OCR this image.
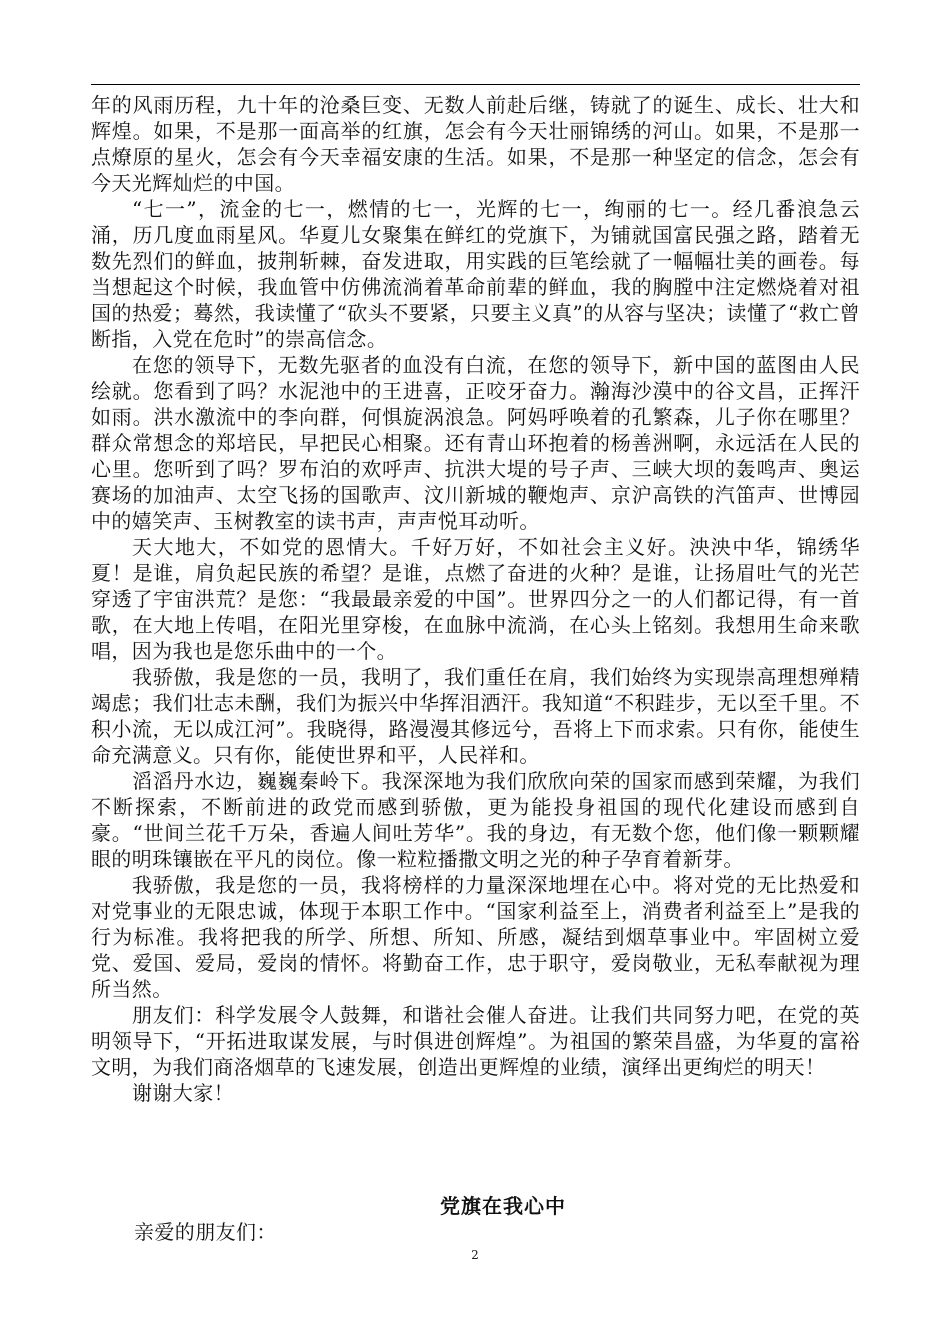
年的风雨历程，九十年的沧桑巨变、无数人前赴后继，铸就了的诞生、成长、壮大和辉煌。如果，不是那一面高举的红旗，怎会有今天壮丽锦绣的河山。如果，不是那一点燎原的星火，怎会有今天幸福安康的生活。如果，不是那一种坚定的信念，怎会有今天光辉灿烂的中国。

“七一”，流金的七一，燃情的七一，光辉的七一，绚丽的七一。经几番浪急云涌，历几度血雨星风。华夏儿女聚集在鲜红的党旗下，为铺就国富民强之路，踏着无数先烈们的鲜血，披荆斩棘，奋发进取，用实践的巨笔绘就了一幅幅壮美的画卷。每当想起这个时候，我血管中仿佛流淌着革命前辈的鲜血，我的胸膛中注定燃烧着对祖国的热爱；蓦然，我读懂了“砍头不要紧，只要主义真”的从容与坚决；读懂了“救亡曾断指，入党在危时”的崇高信念。

在您的领导下，无数先驱者的血没有白流，在您的领导下，新中国的蓝图由人民绘就。您看到了吗？水泥池中的王进喜，正咬牙奋力。瀚海沙漠中的谷文昌，正挥汗如雨。洪水激流中的李向群，何惧旋涡浪急。阿妈呼唤着的孔繁森，儿子你在哪里？群众常想念的郑培民，早把民心相聚。还有青山环抱着的杨善洲啊，永远活在人民的心里。您听到了吗？罗布泊的欢呼声、抗洪大堤的号子声、三峡大坝的轰鸣声、奥运赛场的加油声、太空飞扬的国歌声、汶川新城的鞭炮声、京沪高铁的汽笛声、世博园中的嬉笑声、玉树教室的读书声，声声悦耳动听。

天大地大，不如党的恩情大。千好万好，不如社会主义好。泱泱中华，锦绣华夏！是谁，肩负起民族的希望？是谁，点燃了奋进的火种？是谁，让扬眉吐气的光芒穿透了宇宙洪荒？是您：“我最最亲爱的中国”。世界四分之一的人们都记得，有一首歌，在大地上传唱，在阳光里穿梭，在血脉中流淌，在心头上铭刻。我想用生命来歌唱，因为我也是您乐曲中的一个。

我骄傲，我是您的一员，我明了，我们重任在肩，我们始终为实现崇高理想殚精竭虑；我们壮志未酬，我们为振兴中华挥泪洒汗。我知道“不积跬步，无以至千里。不积小流，无以成江河”。我晓得，路漫漫其修远兮，吾将上下而求索。只有你，能使生命充满意义。只有你，能使世界和平，人民祥和。

滔滔丹水边，巍巍秦岭下。我深深地为我们欣欣向荣的国家而感到荣耀，为我们不断探索，不断前进的政党而感到骄傲，更为能投身祖国的现代化建设而感到自豪。“世间兰花千万朵，香遍人间吐芳华”。我的身边，有无数个您，他们像一颗颗耀眼的明珠镶嵌在平凡的岗位。像一粒粒播撒文明之光的种子孕育着新芽。

我骄傲，我是您的一员，我将榜样的力量深深地埋在心中。将对党的无比热爱和对党事业的无限忠诚，体现于本职工作中。“国家利益至上，消费者利益至上”是我的行为标准。我将把我的所学、所想、所知、所感，凝结到烟草事业中。牢固树立爱党、爱国、爱局，爱岗的情怀。将勤奋工作，忠于职守，爱岗敬业，无私奉献视为理所当然。

朋友们：科学发展令人鼓舞，和谐社会催人奋进。让我们共同努力吧，在党的英明领导下，“开拓进取谋发展，与时俱进创辉煌”。为祖国的繁荣昌盛，为华夏的富裕文明，为我们商洛烟草的飞速发展，创造出更辉煌的业绩，演绎出更绚烂的明天！

谢谢大家！

党旗在我心中
亲爱的朋友们：
2
